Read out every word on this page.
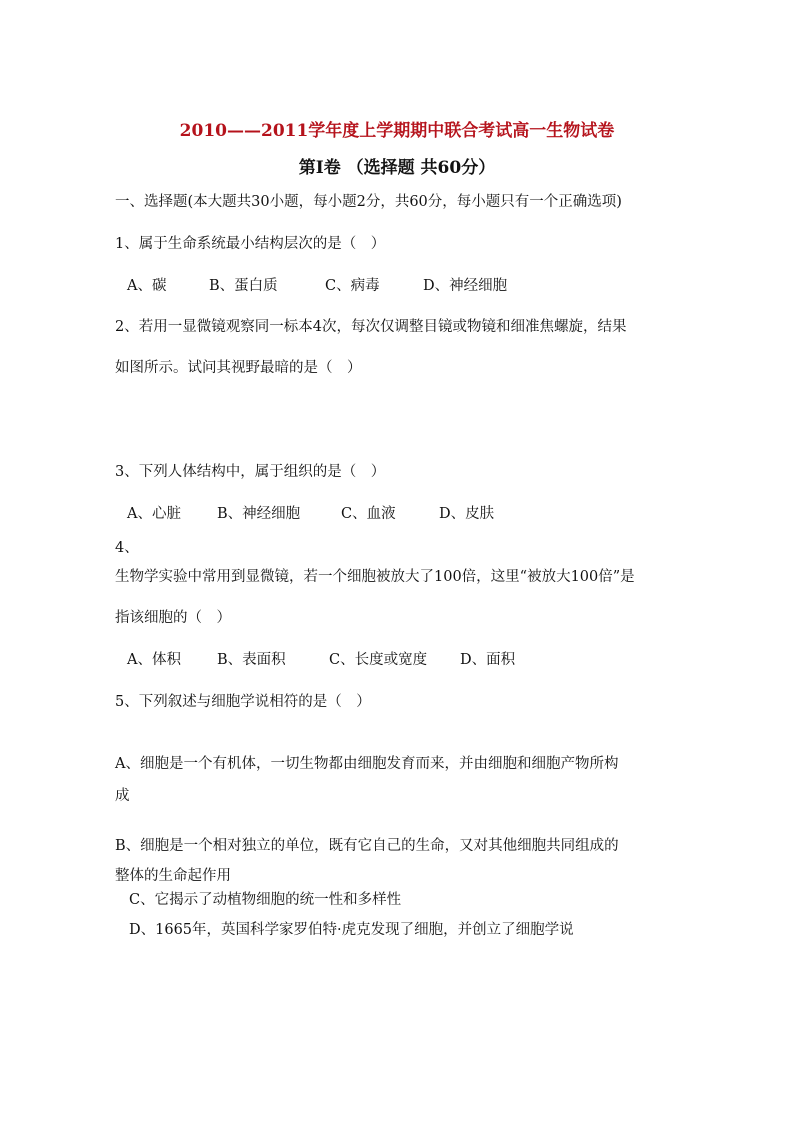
2010——2011学年度上学期期中联合考试高一生物试卷
第Ⅰ卷 （选择题 共60分）
一、选择题(本大题共30小题，每小题2分，共60分，每小题只有一个正确选项)
1、属于生命系统最小结构层次的是（　）
A、碳	B、蛋白质	C、病毒	D、神经细胞
2、若用一显微镜观察同一标本4次，每次仅调整目镜或物镜和细准焦螺旋，结果
如图所示。试问其视野最暗的是（　）
3、下列人体结构中，属于组织的是（　）
A、心脏	B、神经细胞	C、血液	D、皮肤
4、
生物学实验中常用到显微镜，若一个细胞被放大了100倍，这里“被放大100倍”是
指该细胞的（　）
A、体积	B、表面积	C、长度或宽度	D、面积
5、下列叙述与细胞学说相符的是（　）
A、细胞是一个有机体，一切生物都由细胞发育而来，并由细胞和细胞产物所构
成
B、细胞是一个相对独立的单位，既有它自己的生命，又对其他细胞共同组成的
整体的生命起作用
C、它揭示了动植物细胞的统一性和多样性
D、1665年，英国科学家罗伯特·虎克发现了细胞，并创立了细胞学说
